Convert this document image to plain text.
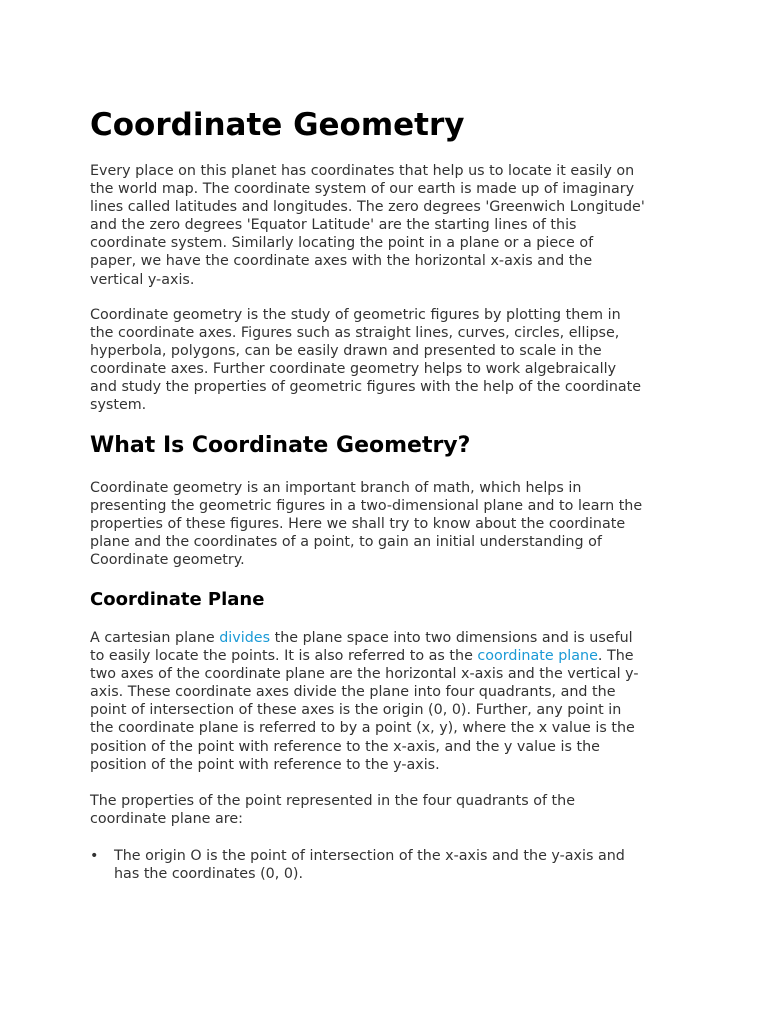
Coordinate Geometry

Every place on this planet has coordinates that help us to locate it easily on
the world map. The coordinate system of our earth is made up of imaginary
lines called latitudes and longitudes. The zero degrees 'Greenwich Longitude'
and the zero degrees 'Equator Latitude' are the starting lines of this
coordinate system. Similarly locating the point in a plane or a piece of
paper, we have the coordinate axes with the horizontal x-axis and the
vertical y-axis.

Coordinate geometry is the study of geometric figures by plotting them in
the coordinate axes. Figures such as straight lines, curves, circles, ellipse,
hyperbola, polygons, can be easily drawn and presented to scale in the
coordinate axes. Further coordinate geometry helps to work algebraically
and study the properties of geometric figures with the help of the coordinate
system.

What Is Coordinate Geometry?

Coordinate geometry is an important branch of math, which helps in
presenting the geometric figures in a two-dimensional plane and to learn the
properties of these figures. Here we shall try to know about the coordinate
plane and the coordinates of a point, to gain an initial understanding of
Coordinate geometry.

Coordinate Plane

A cartesian plane divides the plane space into two dimensions and is useful
to easily locate the points. It is also referred to as the coordinate plane. The
two axes of the coordinate plane are the horizontal x-axis and the vertical y-
axis. These coordinate axes divide the plane into four quadrants, and the
point of intersection of these axes is the origin (0, 0). Further, any point in
the coordinate plane is referred to by a point (x, y), where the x value is the
position of the point with reference to the x-axis, and the y value is the
position of the point with reference to the y-axis.

The properties of the point represented in the four quadrants of the
coordinate plane are:

• The origin O is the point of intersection of the x-axis and the y-axis and
has the coordinates (0, 0).
